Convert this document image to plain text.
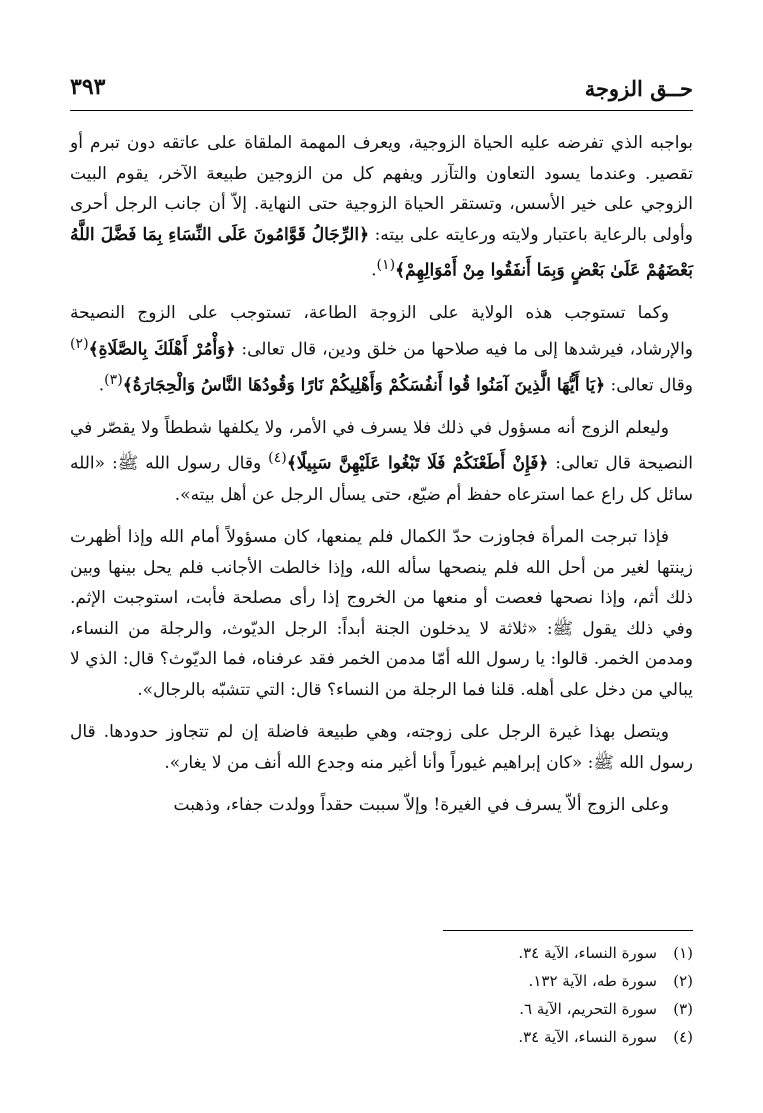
حــق الزوجة
٣٩٣

بواجبه الذي تفرضه عليه الحياة الزوجية، ويعرف المهمة الملقاة على عاتقه دون تبرم أو تقصير. وعندما يسود التعاون والتآزر ويفهم كل من الزوجين طبيعة الآخر، يقوم البيت الزوجي على خير الأسس، وتستقر الحياة الزوجية حتى النهاية. إلاّ أن جانب الرجل أحرى وأولى بالرعاية باعتبار ولايته ورعايته على بيته: ﴿الرِّجَالُ قَوَّامُونَ عَلَى النِّسَاءِ بِمَا فَضَّلَ اللَّهُ بَعْضَهُمْ عَلَىٰ بَعْضٍ وَبِمَا أَنفَقُوا مِنْ أَمْوَالِهِمْ﴾$^{(١)}$.

وكما تستوجب هذه الولاية على الزوجة الطاعة، تستوجب على الزوج النصيحة والإرشاد، فيرشدها إلى ما فيه صلاحها من خلق ودين، قال تعالى: ﴿وَأْمُرْ أَهْلَكَ بِالصَّلَاةِ﴾$^{(٢)}$ وقال تعالى: ﴿يَا أَيُّهَا الَّذِينَ آمَنُوا قُوا أَنفُسَكُمْ وَأَهْلِيكُمْ نَارًا وَقُودُهَا النَّاسُ وَالْحِجَارَةُ﴾$^{(٣)}$.

وليعلم الزوج أنه مسؤول في ذلك فلا يسرف في الأمر، ولا يكلفها شططاً ولا يقصّر في النصيحة قال تعالى: ﴿فَإِنْ أَطَعْنَكُمْ فَلَا تَبْغُوا عَلَيْهِنَّ سَبِيلًا﴾$^{(٤)}$ وقال رسول الله ﷺ: «الله سائل كل راع عما استرعاه حفظ أم ضيّع، حتى يسأل الرجل عن أهل بيته».

فإذا تبرجت المرأة فجاوزت حدّ الكمال فلم يمنعها، كان مسؤولاً أمام الله وإذا أظهرت زينتها لغير من أحل الله فلم ينصحها سأله الله، وإذا خالطت الأجانب فلم يحل بينها وبين ذلك أثم، وإذا نصحها فعصت أو منعها من الخروج إذا رأى مصلحة فأبت، استوجبت الإثم. وفي ذلك يقول ﷺ: «ثلاثة لا يدخلون الجنة أبداً: الرجل الديّوث، والرجلة من النساء، ومدمن الخمر. قالوا: يا رسول الله أمّا مدمن الخمر فقد عرفناه، فما الديّوث؟ قال: الذي لا يبالي من دخل على أهله. قلنا فما الرجلة من النساء؟ قال: التي تتشبّه بالرجال».

ويتصل بهذا غيرة الرجل على زوجته، وهي طبيعة فاضلة إن لم تتجاوز حدودها. قال رسول الله ﷺ: «كان إبراهيم غيوراً وأنا أغير منه وجدع الله أنف من لا يغار».

وعلى الزوج ألاّ يسرف في الغيرة! وإلاّ سببت حقداً وولدت جفاء، وذهبت

(١)سورة النساء، الآية ٣٤.

(٢)سورة طه، الآية ١٣٢.

(٣)سورة التحريم، الآية ٦.

(٤)سورة النساء، الآية ٣٤.
